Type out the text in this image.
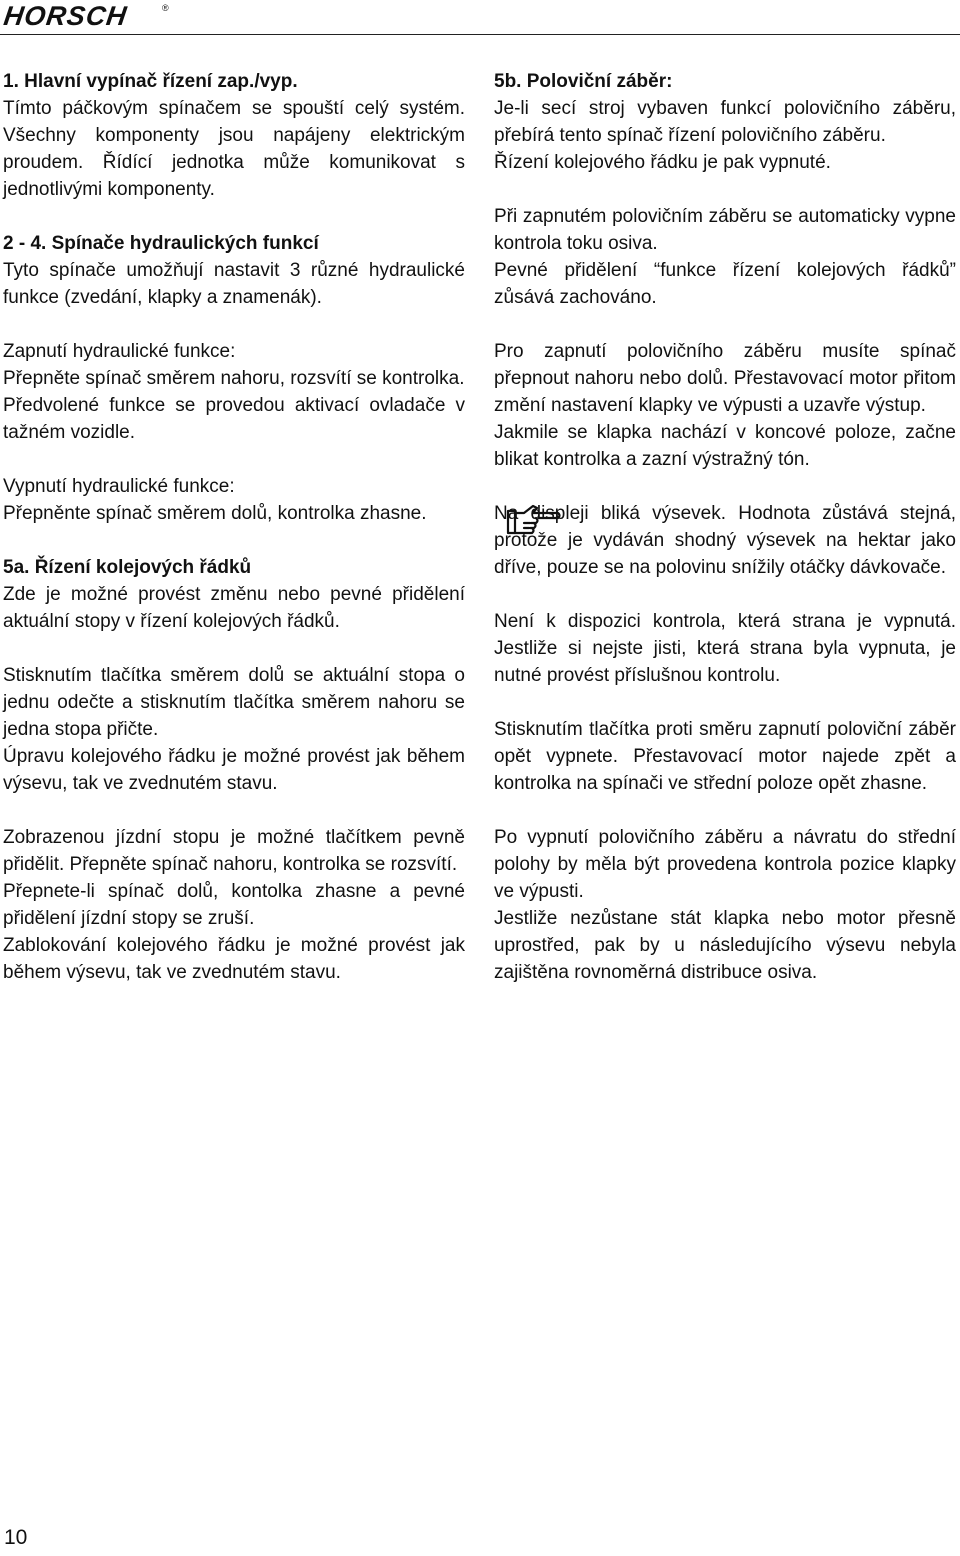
HORSCH	®

1. Hlavní vypínač řízení zap./vyp.
Tímto páčkovým spínačem se spouští celý systém. Všechny komponenty jsou napájeny elektrickým proudem. Řídící jednotka může komunikovat s jednotlivými komponenty.

2 - 4. Spínače hydraulických funkcí
Tyto spínače umožňují nastavit 3 různé hydraulické funkce (zvedání, klapky a znamenák).

Zapnutí hydraulické funkce:

Přepněte spínač směrem nahoru, rozsvítí se kontrolka.

Předvolené funkce se provedou aktivací ovladače v tažném vozidle.

Vypnutí hydraulické funkce:

Přepněnte spínač směrem dolů, kontrolka zhasne.

5a. Řízení kolejových řádků
Zde je možné provést změnu nebo pevné přidělení aktuální stopy v řízení kolejových řádků.

Stisknutím tlačítka směrem dolů se aktuální stopa o jednu odečte a stisknutím tlačítka směrem nahoru se jedna stopa přičte.

Úpravu kolejového řádku je možné provést jak během výsevu, tak ve zvednutém stavu.

Zobrazenou jízdní stopu je možné tlačítkem pevně přidělit. Přepněte spínač nahoru, kontrolka se rozsvítí.

Přepnete-li spínač dolů, kontolka zhasne a pevné přidělení jízdní stopy se zruší.

Zablokování kolejového řádku je možné provést jak během výsevu, tak ve zvednutém stavu.

5b. Poloviční záběr:
Je-li secí stroj vybaven funkcí polovičního záběru, přebírá tento spínač řízení polovičního záběru.

Řízení kolejového řádku je pak vypnuté.

Při zapnutém polovičním záběru se automaticky vypne kontrola toku osiva.

Pevné přidělení “funkce řízení kolejových řádků” zůsává zachováno.

Pro zapnutí polovičního záběru musíte spínač přepnout nahoru nebo dolů. Přestavovací motor přitom změní nastavení klapky ve výpusti a uzavře výstup.

Jakmile se klapka nachází v koncové poloze, začne blikat kontrolka a zazní výstražný tón.

Na displeji bliká výsevek. Hodnota zůstává stejná, protože je vydáván shodný výsevek na hektar jako dříve, pouze se na polovinu snížily otáčky dávkovače.

Není k dispozici kontrola, která strana je vypnutá. Jestliže si nejste jisti, která strana byla vypnuta, je nutné provést příslušnou kontrolu.

Stisknutím tlačítka proti směru zapnutí poloviční záběr opět vypnete. Přestavovací motor najede zpět a kontrolka na spínači ve střední poloze opět zhasne.

Po vypnutí polovičního záběru a návratu do střední polohy by měla být provedena kontrola pozice klapky ve výpusti.

Jestliže nezůstane stát klapka nebo motor přesně uprostřed, pak by u následujícího výsevu nebyla zajištěna rovnoměrná distribuce osiva.

10
